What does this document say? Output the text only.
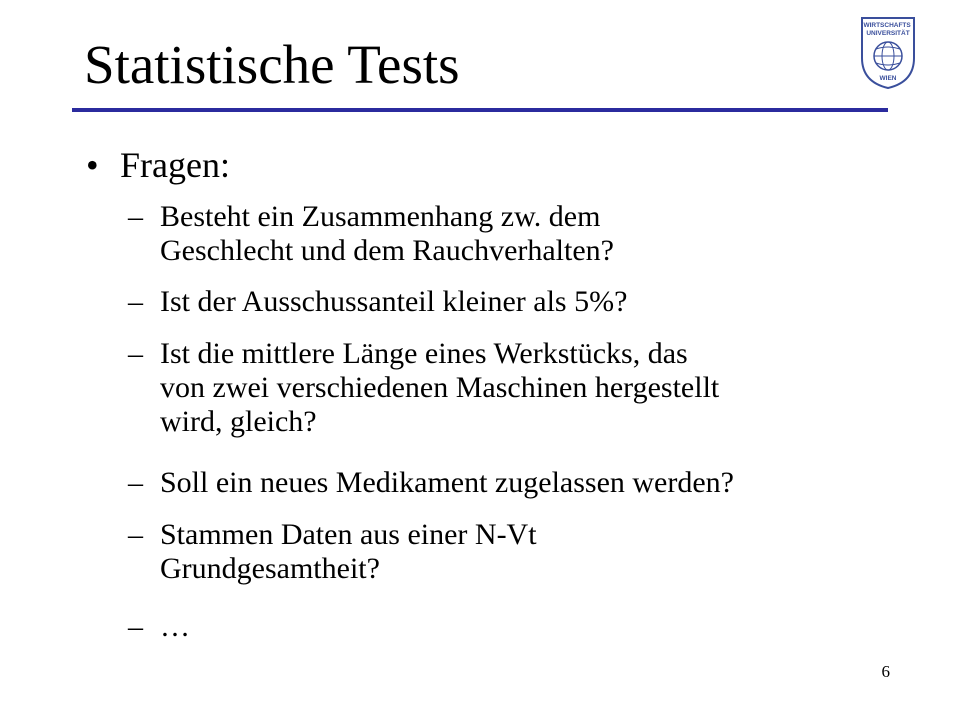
Statistische Tests
WIRTSCHAFTS UNIVERSITÄT
WIEN
• Fragen:
– Besteht ein Zusammenhang zw. dem
Geschlecht und dem Rauchverhalten?
– Ist der Ausschussanteil kleiner als 5%?
– Ist die mittlere Länge eines Werkstücks, das
von zwei verschiedenen Maschinen hergestellt
wird, gleich?
– Soll ein neues Medikament zugelassen werden?
– Stammen Daten aus einer N-Vt
Grundgesamtheit?
– …
6
